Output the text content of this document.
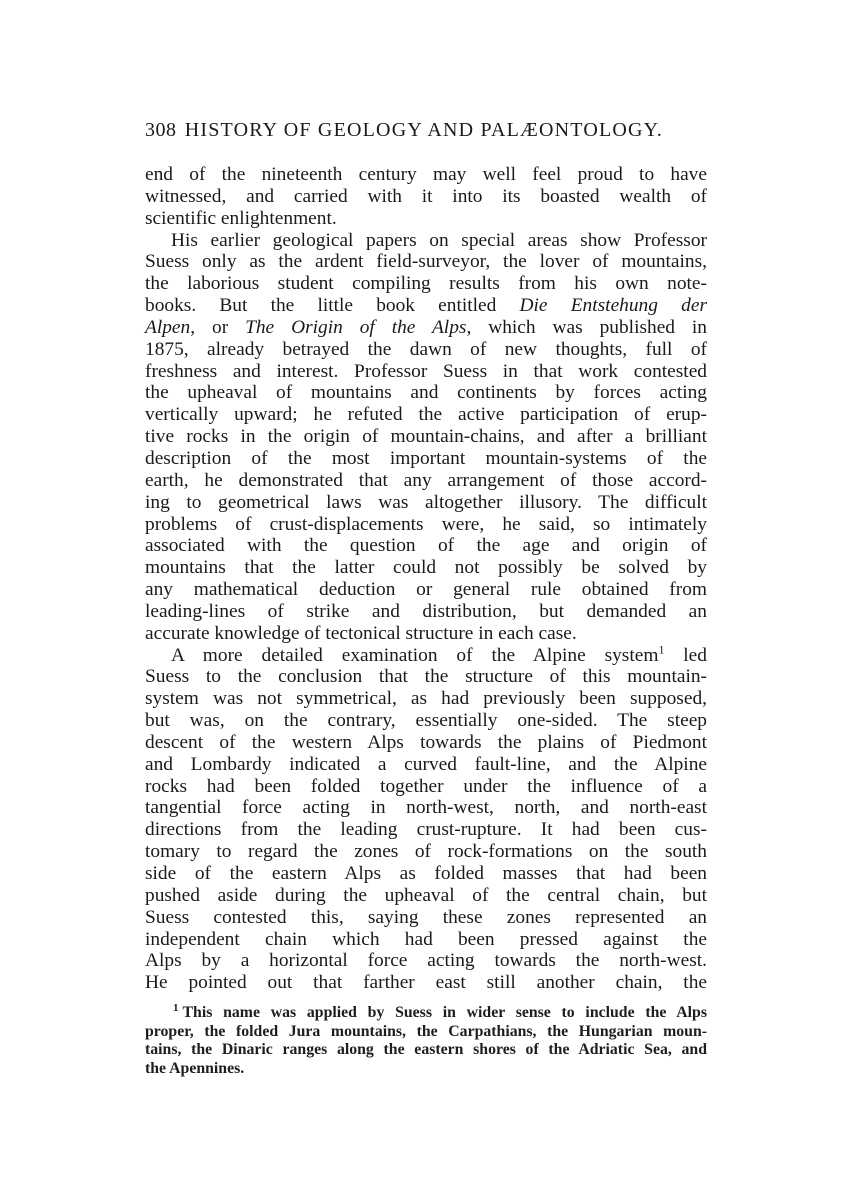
308 HISTORY OF GEOLOGY AND PALÆONTOLOGY.
end of the nineteenth century may well feel proud to have
witnessed, and carried with it into its boasted wealth of
scientific enlightenment.
His earlier geological papers on special areas show Professor
Suess only as the ardent field-surveyor, the lover of mountains,
the laborious student compiling results from his own note-
books. But the little book entitled Die Entstehung der
Alpen, or The Origin of the Alps, which was published in
1875, already betrayed the dawn of new thoughts, full of
freshness and interest. Professor Suess in that work contested
the upheaval of mountains and continents by forces acting
vertically upward; he refuted the active participation of erup-
tive rocks in the origin of mountain-chains, and after a brilliant
description of the most important mountain-systems of the
earth, he demonstrated that any arrangement of those accord-
ing to geometrical laws was altogether illusory. The difficult
problems of crust-displacements were, he said, so intimately
associated with the question of the age and origin of
mountains that the latter could not possibly be solved by
any mathematical deduction or general rule obtained from
leading-lines of strike and distribution, but demanded an
accurate knowledge of tectonical structure in each case.
A more detailed examination of the Alpine system$^1$ led
Suess to the conclusion that the structure of this mountain-
system was not symmetrical, as had previously been supposed,
but was, on the contrary, essentially one-sided. The steep
descent of the western Alps towards the plains of Piedmont
and Lombardy indicated a curved fault-line, and the Alpine
rocks had been folded together under the influence of a
tangential force acting in north-west, north, and north-east
directions from the leading crust-rupture. It had been cus-
tomary to regard the zones of rock-formations on the south
side of the eastern Alps as folded masses that had been
pushed aside during the upheaval of the central chain, but
Suess contested this, saying these zones represented an
independent chain which had been pressed against the
Alps by a horizontal force acting towards the north-west.
He pointed out that farther east still another chain, the
$^1$ This name was applied by Suess in wider sense to include the Alps
proper, the folded Jura mountains, the Carpathians, the Hungarian moun-
tains, the Dinaric ranges along the eastern shores of the Adriatic Sea, and
the Apennines.
